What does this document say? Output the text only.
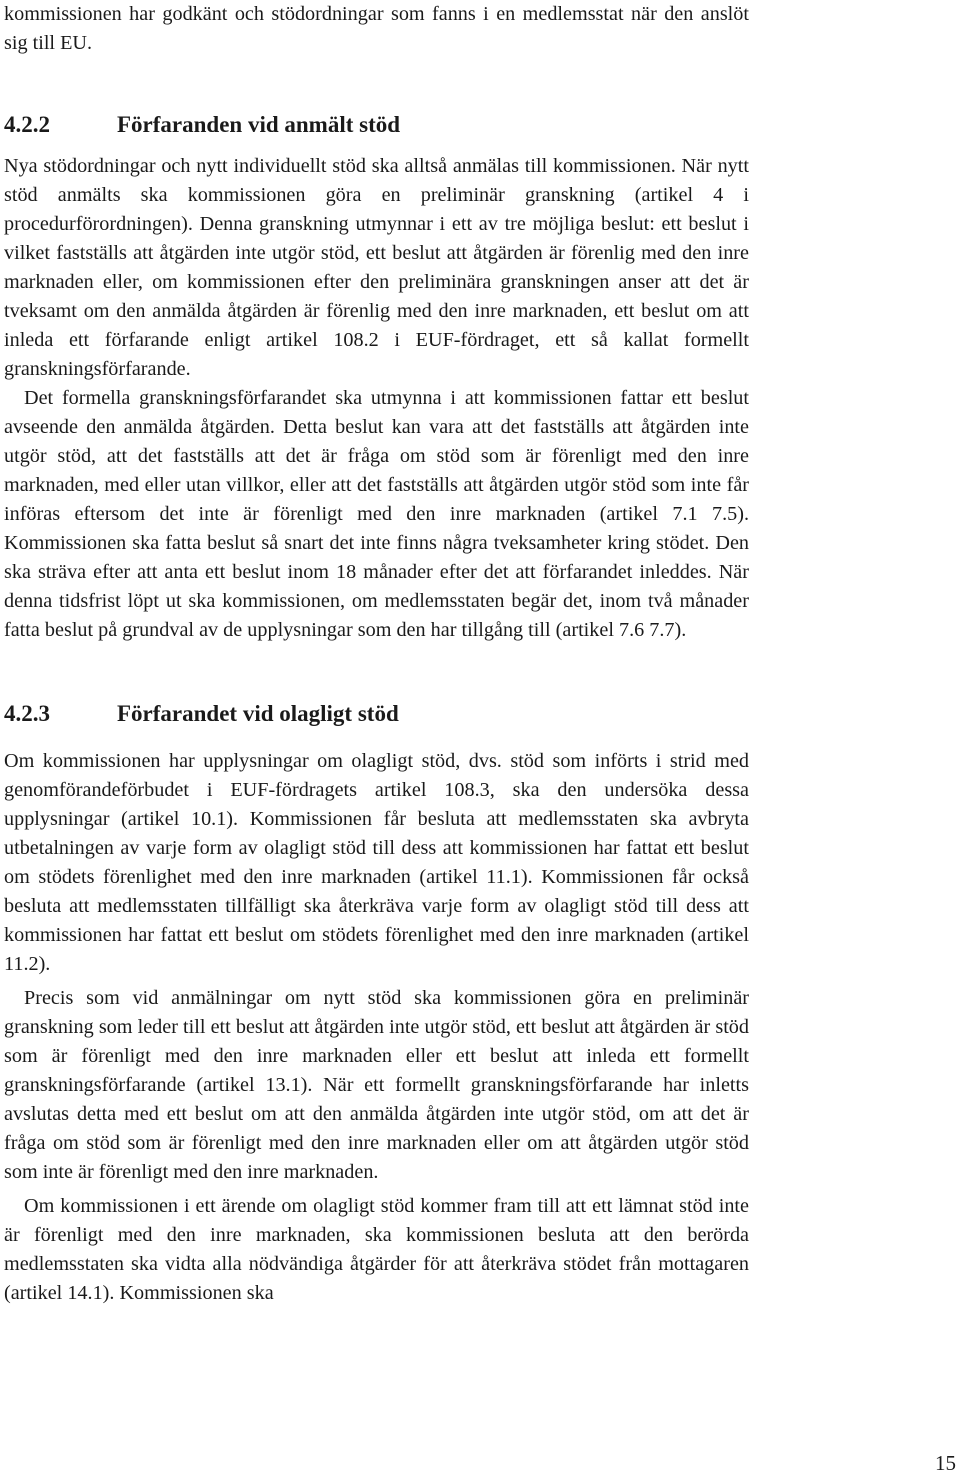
kommissionen har godkänt och stödordningar som fanns i en medlemsstat när den anslöt sig till EU.

4.2.2	Förfaranden vid anmält stöd

Nya stödordningar och nytt individuellt stöd ska alltså anmälas till kommissionen. När nytt stöd anmälts ska kommissionen göra en preliminär granskning (artikel 4 i procedurförordningen). Denna granskning utmynnar i ett av tre möjliga beslut: ett beslut i vilket fastställs att åtgärden inte utgör stöd, ett beslut att åtgärden är förenlig med den inre marknaden eller, om kommissionen efter den preliminära granskningen anser att det är tveksamt om den anmälda åtgärden är förenlig med den inre marknaden, ett beslut om att inleda ett förfarande enligt artikel 108.2 i EUF-fördraget, ett så kallat formellt granskningsförfarande.

Det formella granskningsförfarandet ska utmynna i att kommissionen fattar ett beslut avseende den anmälda åtgärden. Detta beslut kan vara att det fastställs att åtgärden inte utgör stöd, att det fastställs att det är fråga om stöd som är förenligt med den inre marknaden, med eller utan villkor, eller att det fastställs att åtgärden utgör stöd som inte får införas eftersom det inte är förenligt med den inre marknaden (artikel 7.1 7.5). Kommissionen ska fatta beslut så snart det inte finns några tveksamheter kring stödet. Den ska sträva efter att anta ett beslut inom 18 månader efter det att förfarandet inleddes. När denna tidsfrist löpt ut ska kommissionen, om medlemsstaten begär det, inom två månader fatta beslut på grundval av de upplysningar som den har tillgång till (artikel 7.6 7.7).

4.2.3	Förfarandet vid olagligt stöd

Om kommissionen har upplysningar om olagligt stöd, dvs. stöd som införts i strid med genomförandeförbudet i EUF-fördragets artikel 108.3, ska den undersöka dessa upplysningar (artikel 10.1). Kommissionen får besluta att medlemsstaten ska avbryta utbetalningen av varje form av olagligt stöd till dess att kommissionen har fattat ett beslut om stödets förenlighet med den inre marknaden (artikel 11.1). Kommissionen får också besluta att medlemsstaten tillfälligt ska återkräva varje form av olagligt stöd till dess att kommissionen har fattat ett beslut om stödets förenlighet med den inre marknaden (artikel 11.2).

Precis som vid anmälningar om nytt stöd ska kommissionen göra en preliminär granskning som leder till ett beslut att åtgärden inte utgör stöd, ett beslut att åtgärden är stöd som är förenligt med den inre marknaden eller ett beslut att inleda ett formellt granskningsförfarande (artikel 13.1). När ett formellt granskningsförfarande har inletts avslutas detta med ett beslut om att den anmälda åtgärden inte utgör stöd, om att det är fråga om stöd som är förenligt med den inre marknaden eller om att åtgärden utgör stöd som inte är förenligt med den inre marknaden.

Om kommissionen i ett ärende om olagligt stöd kommer fram till att ett lämnat stöd inte är förenligt med den inre marknaden, ska kommissionen besluta att den berörda medlemsstaten ska vidta alla nödvändiga åtgärder för att återkräva stödet från mottagaren (artikel 14.1). Kommissionen ska

15
